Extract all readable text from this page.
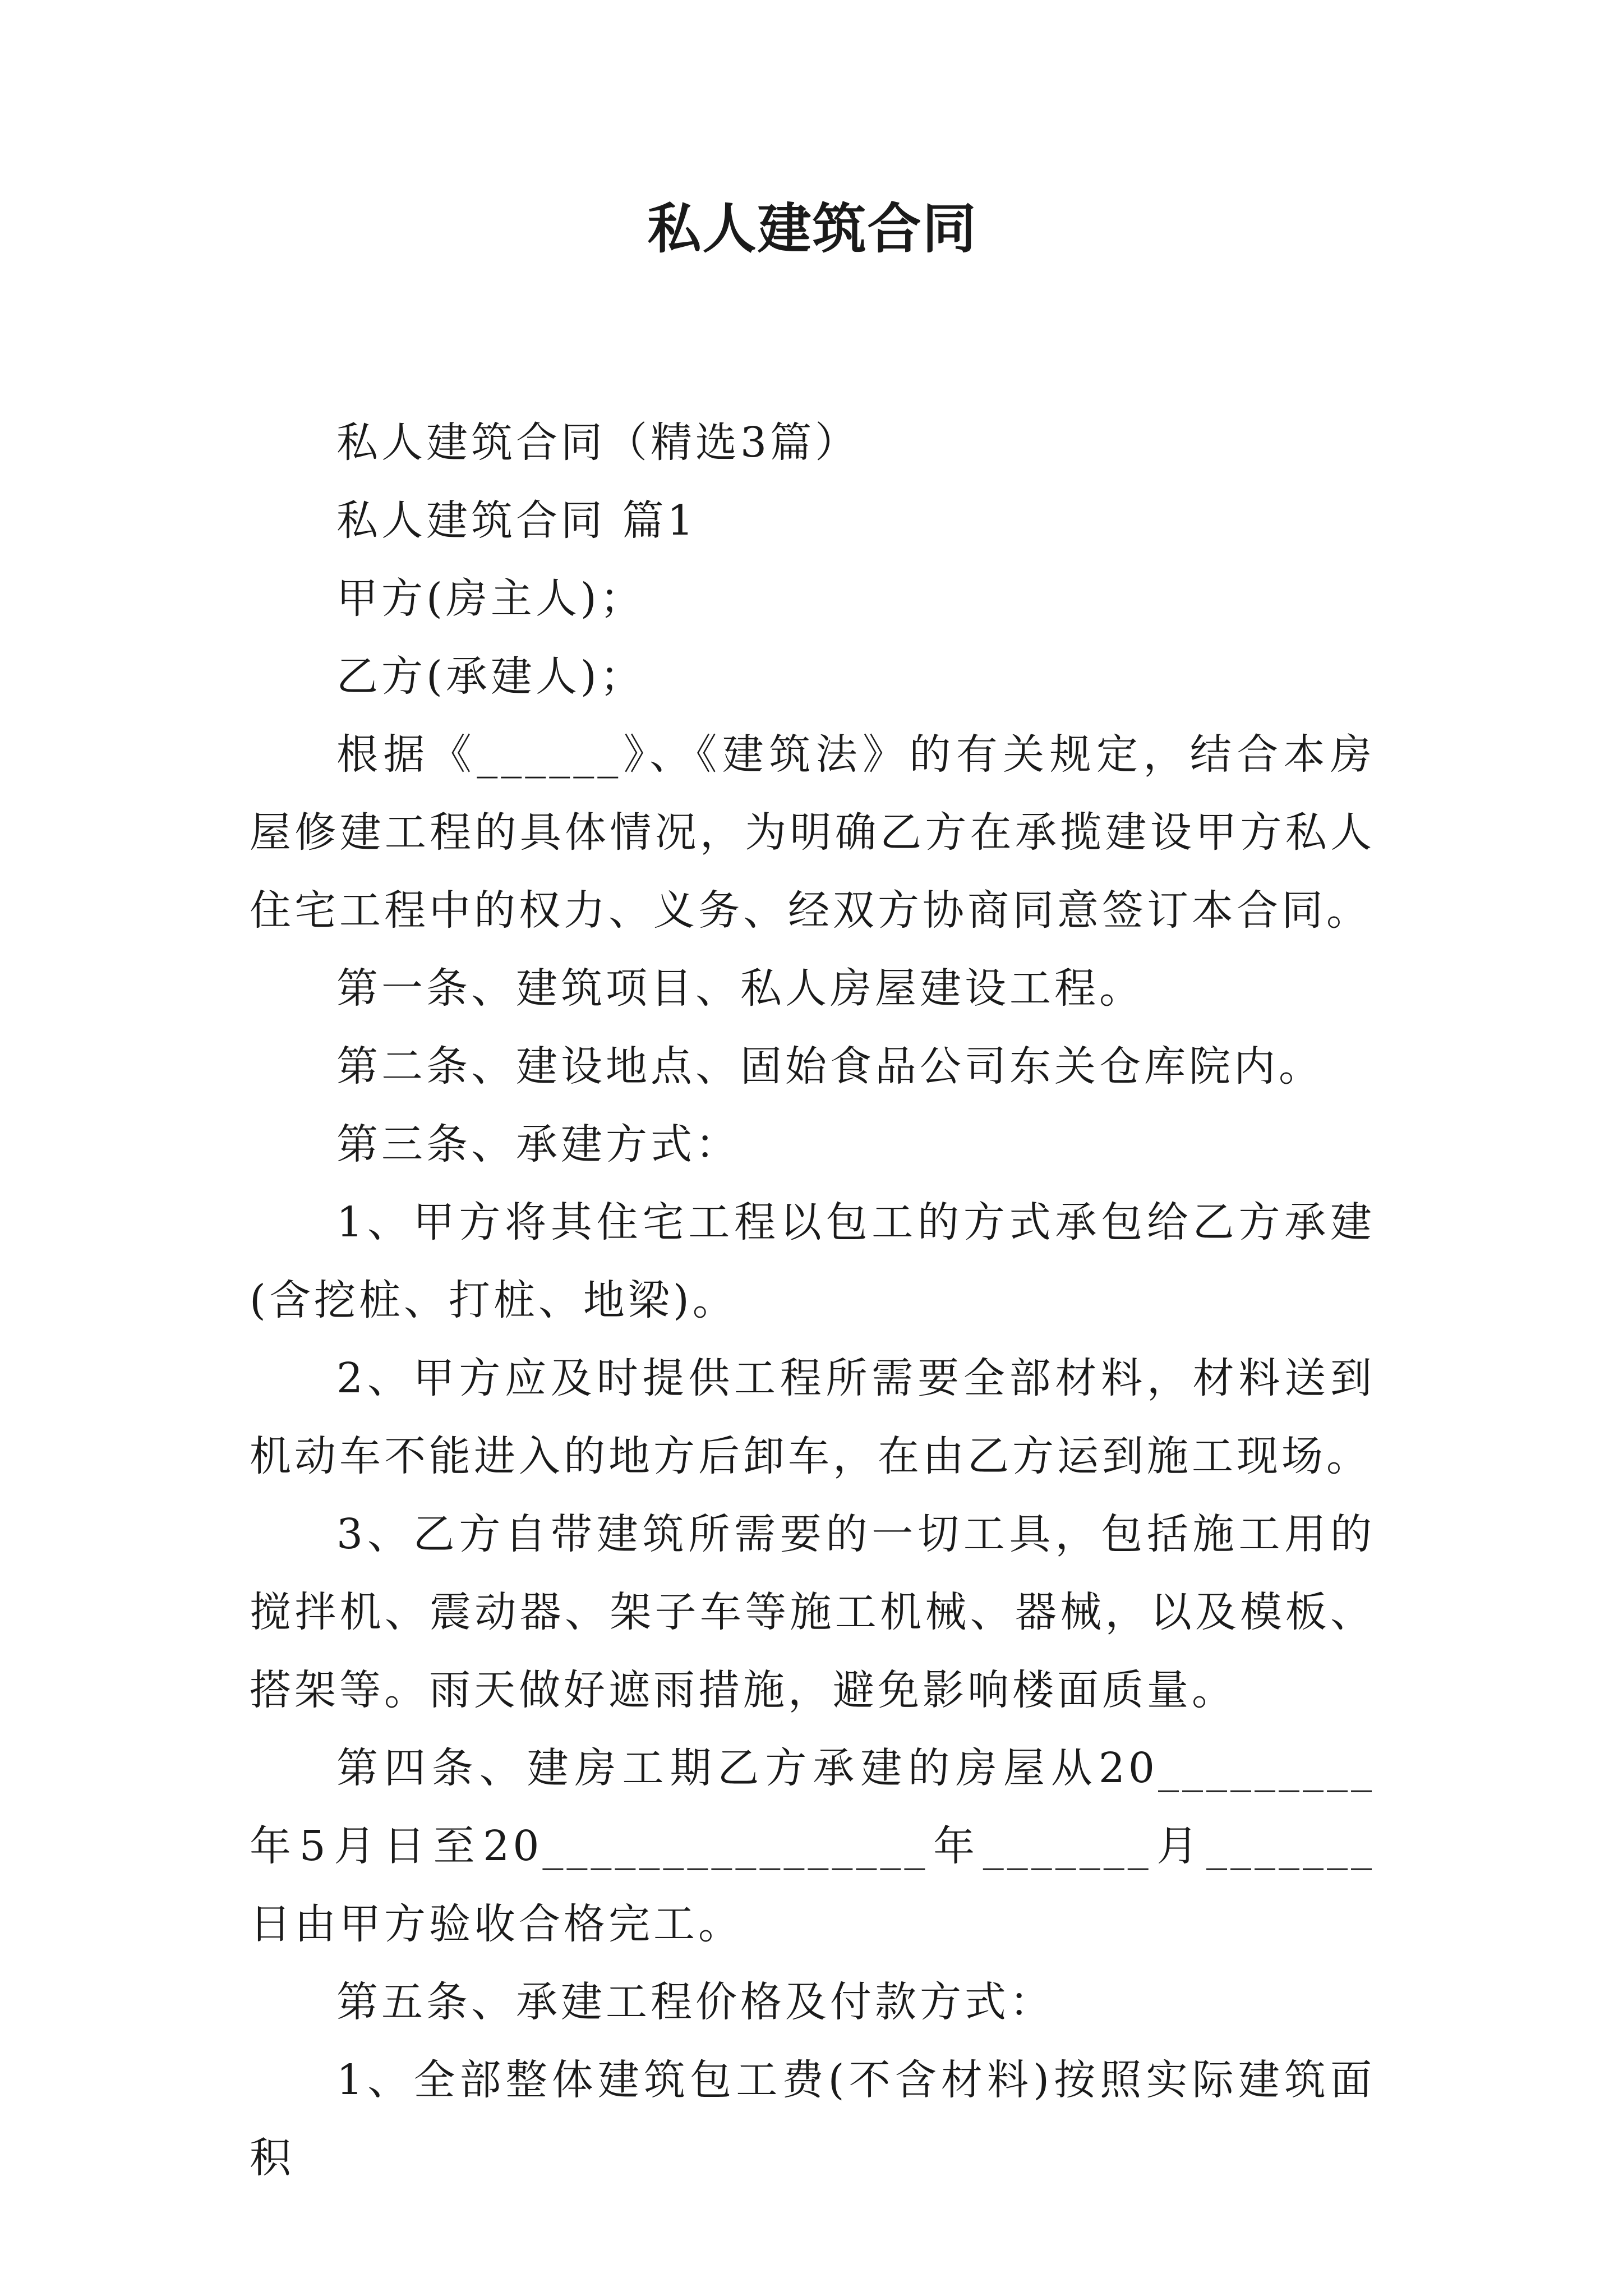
私人建筑合同

私人建筑合同（精选3篇）

私人建筑合同 篇1

甲方(房主人)；

乙方(承建人)；

根据《______》、《建筑法》的有关规定，结合本房屋修建工程的具体情况，为明确乙方在承揽建设甲方私人住宅工程中的权力、义务、经双方协商同意签订本合同。

第一条、建筑项目、私人房屋建设工程。

第二条、建设地点、固始食品公司东关仓库院内。

第三条、承建方式：

1、甲方将其住宅工程以包工的方式承包给乙方承建(含挖桩、打桩、地梁)。

2、甲方应及时提供工程所需要全部材料，材料送到机动车不能进入的地方后卸车，在由乙方运到施工现场。

3、乙方自带建筑所需要的一切工具，包括施工用的搅拌机、震动器、架子车等施工机械、器械，以及模板、搭架等。雨天做好遮雨措施，避免影响楼面质量。

第四条、建房工期乙方承建的房屋从20_________年5月日至20________________年_______月_______日由甲方验收合格完工。

第五条、承建工程价格及付款方式：

1、全部整体建筑包工费(不含材料)按照实际建筑面积
